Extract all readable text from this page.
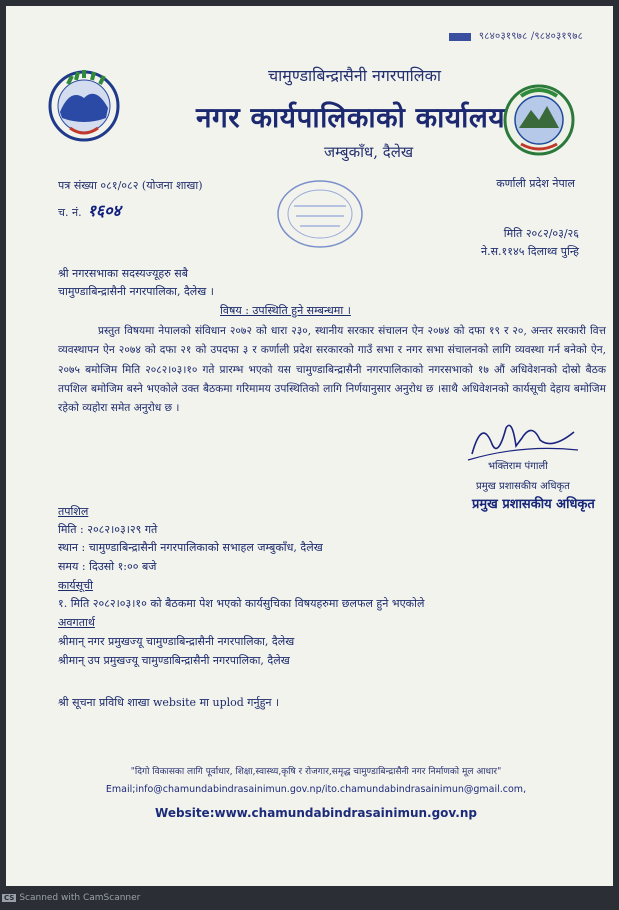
९८४०३१९७८ /९८४०३१९७८
चामुण्डाबिन्द्रासैनी नगरपालिका
नगर कार्यपालिकाको कार्यालय
जम्बुकाँध, दैलेख
पत्र संख्या ०८१/०८२ (योजना शाखा)
च. नं. १६०४
कर्णाली प्रदेश नेपाल
मिति २०८२/०३/२६
ने.स.११४५ दिलाथ्व पुन्हि
श्री नगरसभाका सदस्यज्यूहरु सबै
चामुण्डाबिन्द्रासैनी नगरपालिका, दैलेख ।
विषय : उपस्थिति हुने सम्बन्धमा ।
प्रस्तुत विषयमा नेपालको संविधान २०७२ को धारा २३०, स्थानीय सरकार संचालन ऐन २०७४ को दफा १९ र २०, अन्तर सरकारी वित्त व्यवस्थापन ऐन २०७४ को दफा २१ को उपदफा ३ र कर्णाली प्रदेश सरकारको गाउँ सभा र नगर सभा संचालनको लागि व्यवस्था गर्न बनेको ऐन, २०७५ बमोजिम मिति २०८२।०३।१० गते प्रारम्भ भएको यस चामुण्डाबिन्द्रासैनी नगरपालिकाको नगरसभाको १७ औं अधिवेशनको दोस्रो बैठक तपशिल बमोजिम बस्ने भएकोले उक्त बैठकमा गरिमामय उपस्थितिको लागि निर्णयानुसार अनुरोध छ ।साथै अधिवेशनको कार्यसूची देहाय बमोजिम रहेको व्यहोरा समेत अनुरोध छ ।
भक्तिराम पंगाली
प्रमुख प्रशासकीय अधिकृत
प्रमुख प्रशासकीय अधिकृत
तपशिल
मिति : २०८२।०३।२९ गते
स्थान : चामुण्डाबिन्द्रासैनी नगरपालिकाको सभाहल जम्बुकाँध, दैलेख
समय : दिउसो १:०० बजे
कार्यसूची
१. मिति २०८२।०३।१० को बैठकमा पेश भएको कार्यसुचिका विषयहरुमा छलफल हुने भएकोले
अवगतार्थ
श्रीमान् नगर प्रमुखज्यू चामुण्डाबिन्द्रासैनी नगरपालिका, दैलेख
श्रीमान् उप प्रमुखज्यू चामुण्डाबिन्द्रासैनी नगरपालिका, दैलेख
श्री सूचना प्रविधि शाखा website मा uplod गर्नुहुन ।
"दिगो विकासका लागि पूर्वाधार, शिक्षा,स्वास्थ्य,कृषि र रोजगार,समृद्ध चामुण्डाबिन्द्रासैनी नगर निर्माणको मूल आधार"
Email;info@chamundabindrasainimun.gov.np/ito.chamundabindrasainimun@gmail.com,
Website:www.chamundabindrasainimun.gov.np
CS Scanned with CamScanner
